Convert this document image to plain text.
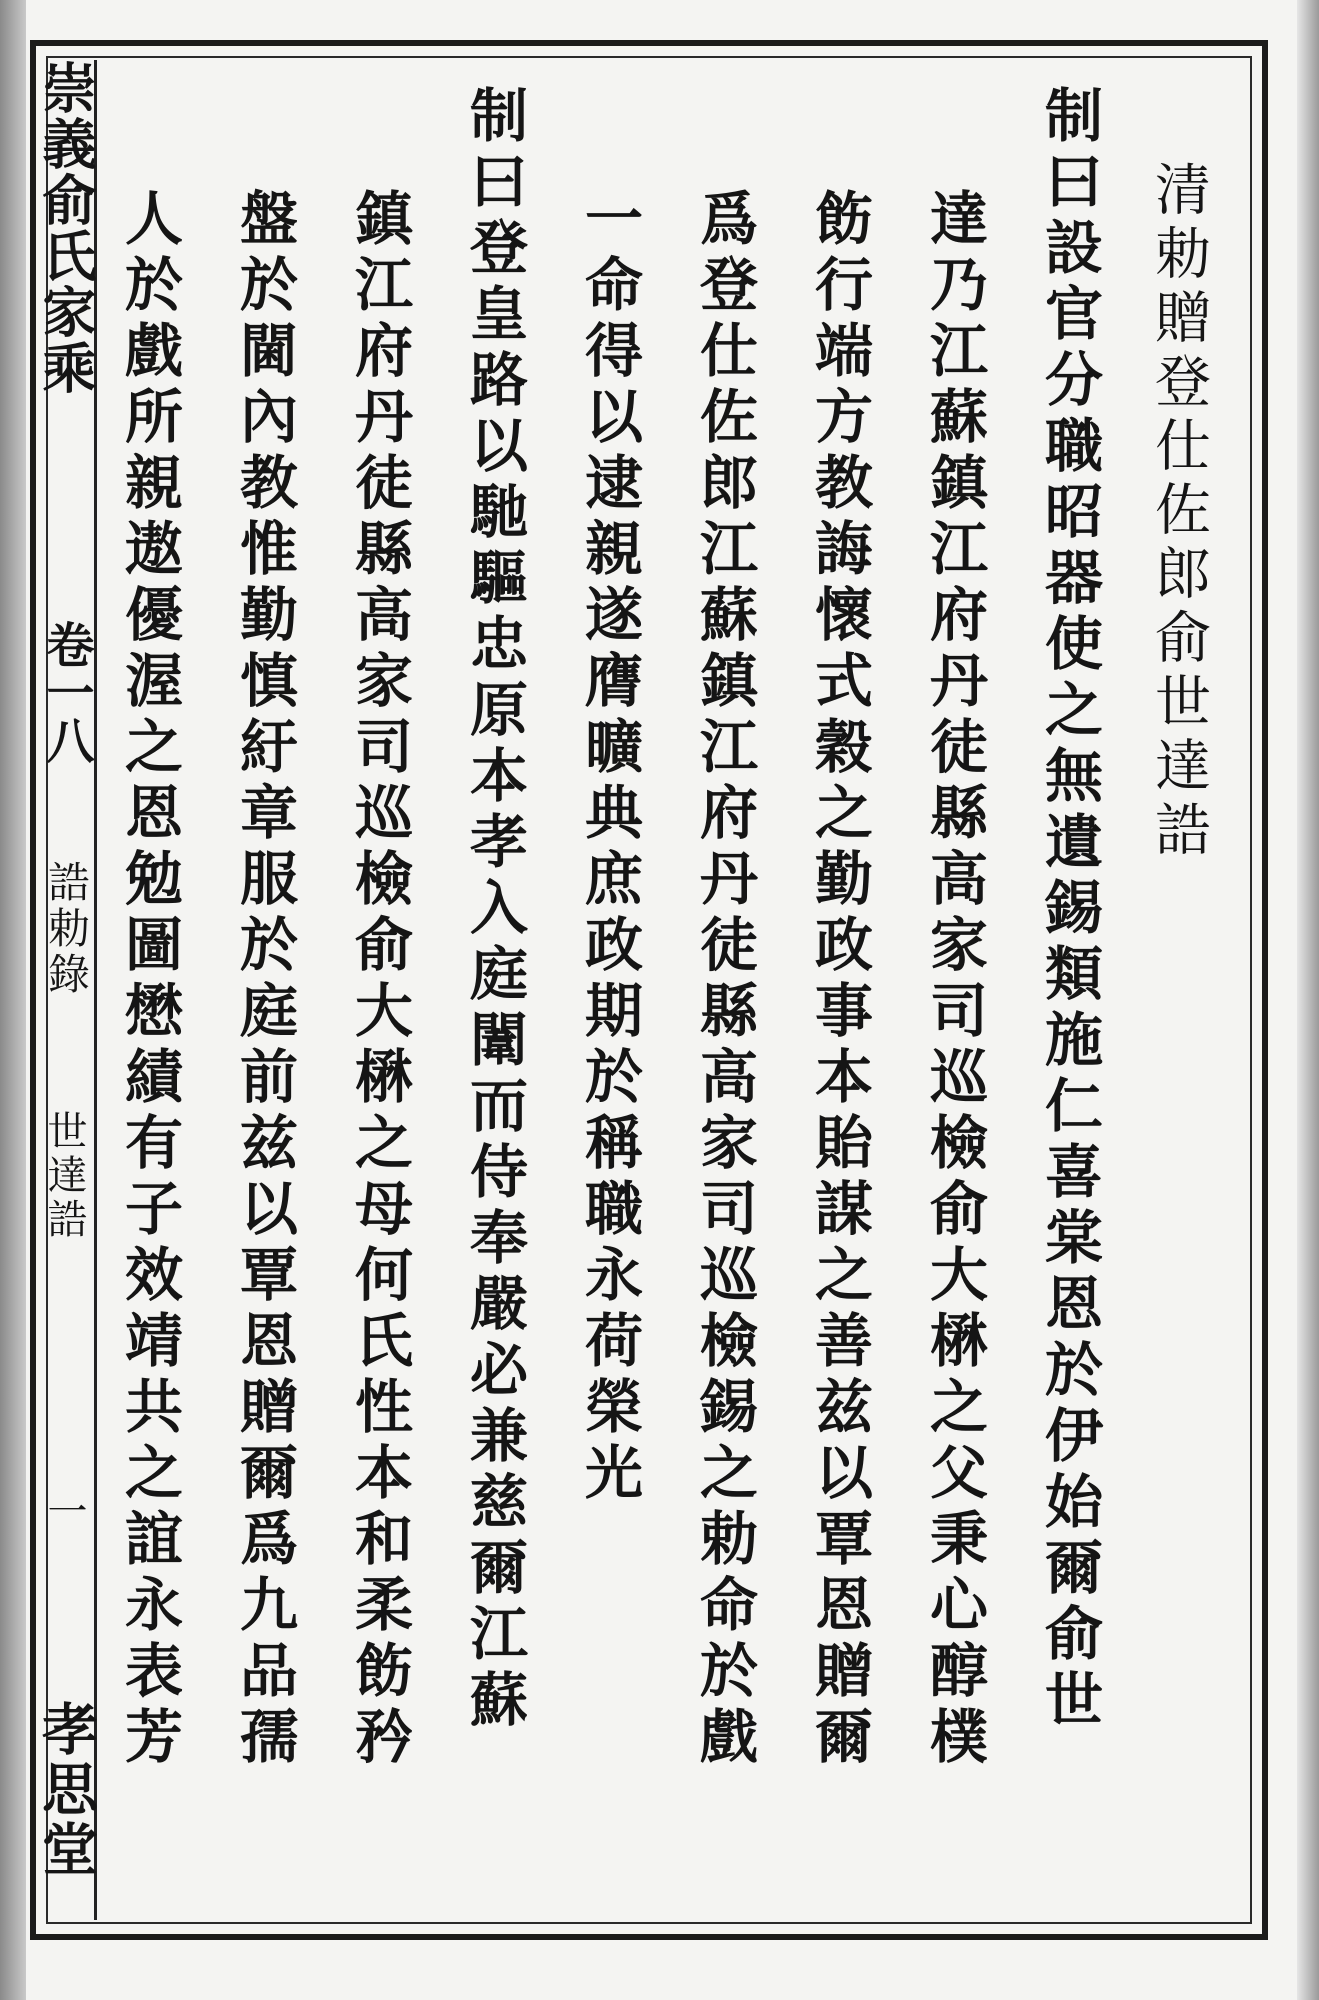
崇義俞氏家乘
卷一八
誥勅錄
世達誥
一
孝思堂
清勅贈登仕佐郎俞世達誥
制曰設官分職昭器使之無遺錫類施仁喜棠恩於伊始爾俞世
達乃江蘇鎮江府丹徒縣高家司巡檢俞大楙之父秉心醇樸
飭行端方教誨懷式穀之勤政事本貽謀之善兹以覃恩贈爾
爲登仕佐郎江蘇鎮江府丹徒縣高家司巡檢錫之勅命於戲
一命得以逮親遂膺曠典庶政期於稱職永荷榮光
制曰登皇路以馳驅忠原本孝入庭闈而侍奉嚴必兼慈爾江蘇
鎮江府丹徒縣高家司巡檢俞大楙之母何氏性本和柔飭矜
盤於閫內教惟勤慎紆章服於庭前兹以覃恩贈爾爲九品孺
人於戲所親遨優渥之恩勉圖懋績有子效靖共之誼永表芳
